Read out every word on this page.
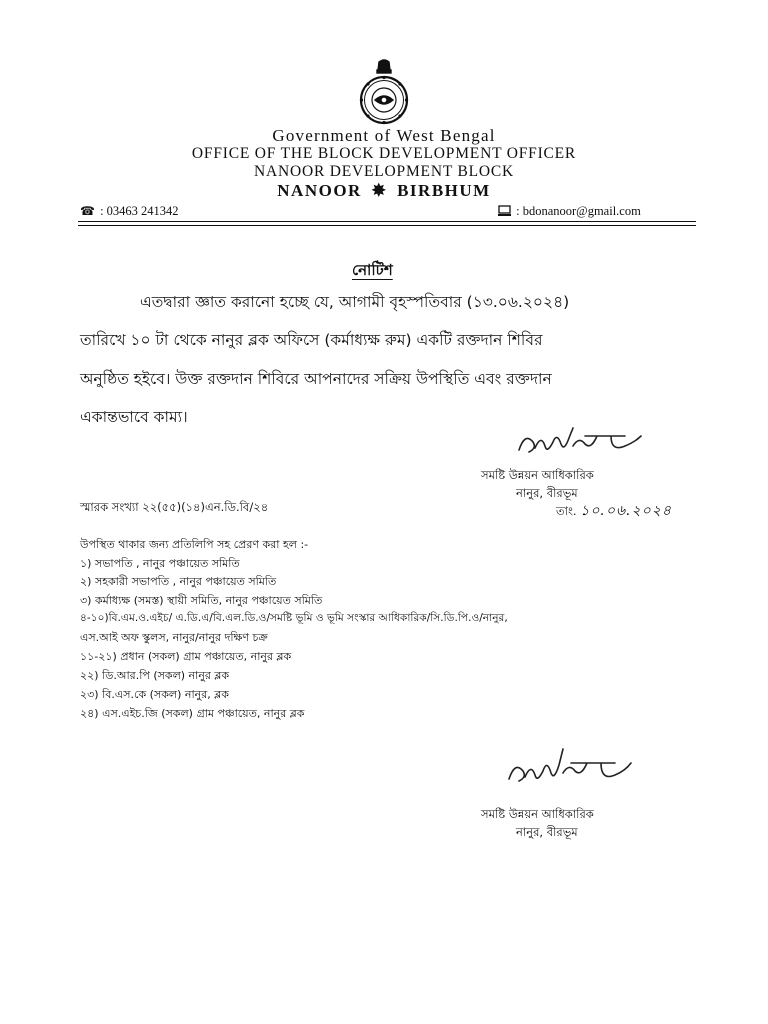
Government of West Bengal
OFFICE OF THE BLOCK DEVELOPMENT OFFICER
NANOOR DEVELOPMENT BLOCK
NANOOR ✸ BIRBHUM
☎ : 03463 241342	: bdonanoor@gmail.com
নোটিশ
এতদ্বারা জ্ঞাত করানো হচ্ছে যে, আগামী বৃহস্পতিবার (১৩.০৬.২০২৪)
তারিখে ১০ টা থেকে নানুর ব্লক অফিসে (কর্মাধ্যক্ষ রুম) একটি রক্তদান শিবির
অনুষ্ঠিত হইবে। উক্ত রক্তদান শিবিরে আপনাদের সক্রিয় উপস্থিতি এবং রক্তদান
একান্তভাবে কাম্য।
সমষ্টি উন্নয়ন আধিকারিক
নানুর, বীরভূম
স্মারক সংখ্যা ২২(৫৫)(১৪)এন.ডি.বি/২৪	তাং. ১০.০৬.২০২৪
উপস্থিত থাকার জন্য প্রতিলিপি সহ প্রেরণ করা হল :-
১) সভাপতি , নানুর পঞ্চায়েত সমিতি
২) সহকারী সভাপতি , নানুর পঞ্চায়েত সমিতি
৩) কর্মাধ্যক্ষ (সমস্ত) স্থায়ী সমিতি, নানুর পঞ্চায়েত সমিতি
৪-১০)বি.এম.ও.এইচ/ এ.ডি.এ/বি.এল.ডি.ও/সমষ্টি ভূমি ও ভূমি সংস্কার আধিকারিক/সি.ডি.পি.ও/নানুর,
এস.আই অফ স্কুলস, নানুর/নানুর দক্ষিণ চক্র
১১-২১) প্রধান (সকল) গ্রাম পঞ্চায়েত, নানুর ব্লক
২২) ডি.আর.পি (সকল) নানুর ব্লক
২৩) বি.এস.কে (সকল) নানুর, ব্লক
২৪) এস.এইচ.জি (সকল) গ্রাম পঞ্চায়েত, নানুর ব্লক
সমষ্টি উন্নয়ন আধিকারিক
নানুর, বীরভূম
